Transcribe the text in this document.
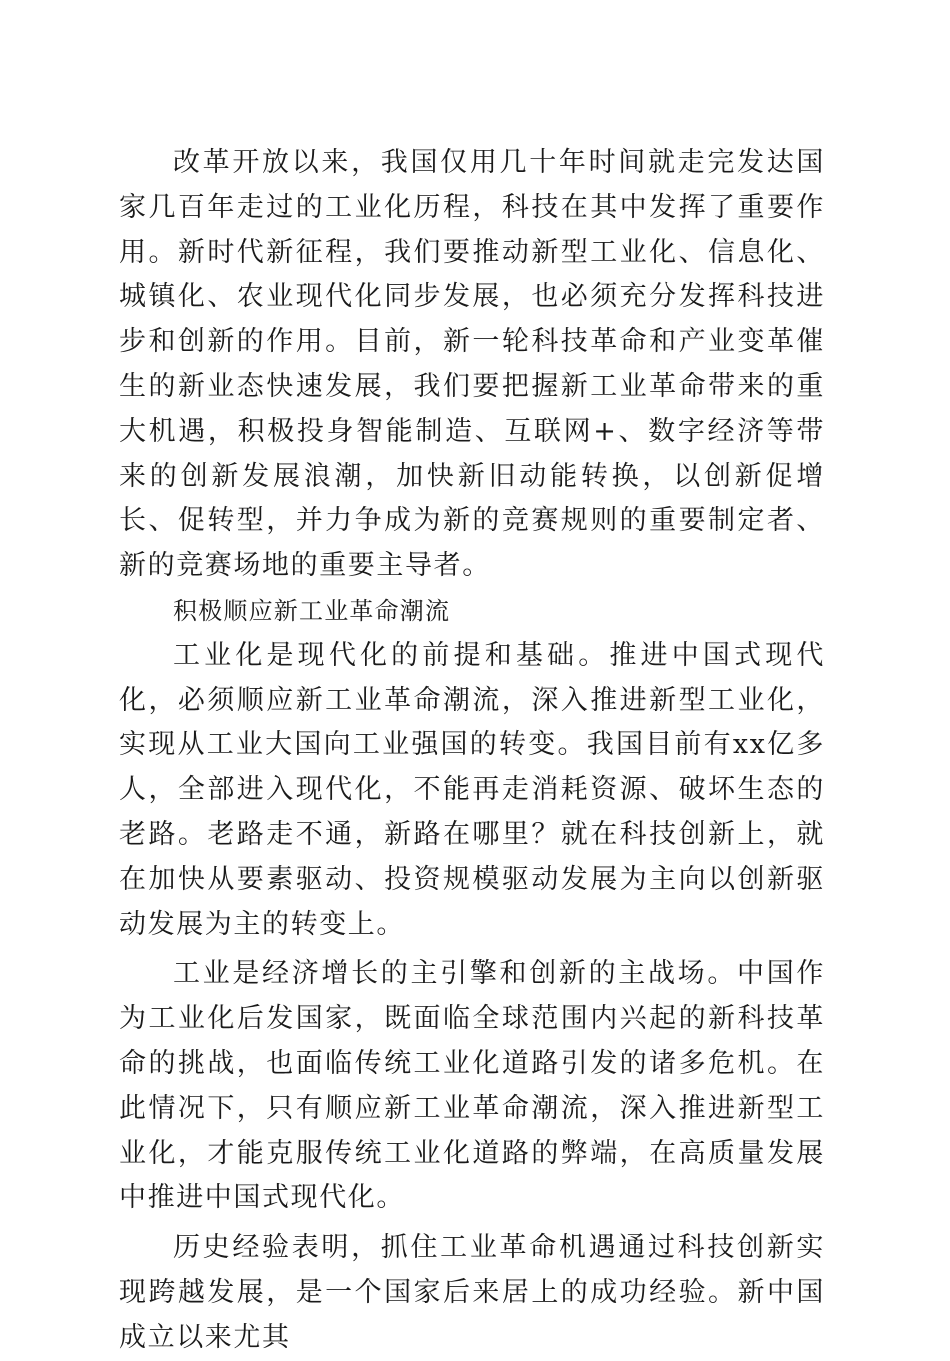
改革开放以来，我国仅用几十年时间就走完发达国家几百年走过的工业化历程，科技在其中发挥了重要作用。新时代新征程，我们要推动新型工业化、信息化、城镇化、农业现代化同步发展，也必须充分发挥科技进步和创新的作用。目前，新一轮科技革命和产业变革催生的新业态快速发展，我们要把握新工业革命带来的重大机遇，积极投身智能制造、互联网+、数字经济等带来的创新发展浪潮，加快新旧动能转换，以创新促增长、促转型，并力争成为新的竞赛规则的重要制定者、新的竞赛场地的重要主导者。

积极顺应新工业革命潮流

工业化是现代化的前提和基础。推进中国式现代化，必须顺应新工业革命潮流，深入推进新型工业化，实现从工业大国向工业强国的转变。我国目前有xx亿多人，全部进入现代化，不能再走消耗资源、破坏生态的老路。老路走不通，新路在哪里？就在科技创新上，就在加快从要素驱动、投资规模驱动发展为主向以创新驱动发展为主的转变上。

工业是经济增长的主引擎和创新的主战场。中国作为工业化后发国家，既面临全球范围内兴起的新科技革命的挑战，也面临传统工业化道路引发的诸多危机。在此情况下，只有顺应新工业革命潮流，深入推进新型工业化，才能克服传统工业化道路的弊端，在高质量发展中推进中国式现代化。

历史经验表明，抓住工业革命机遇通过科技创新实现跨越发展，是一个国家后来居上的成功经验。新中国成立以来尤其
